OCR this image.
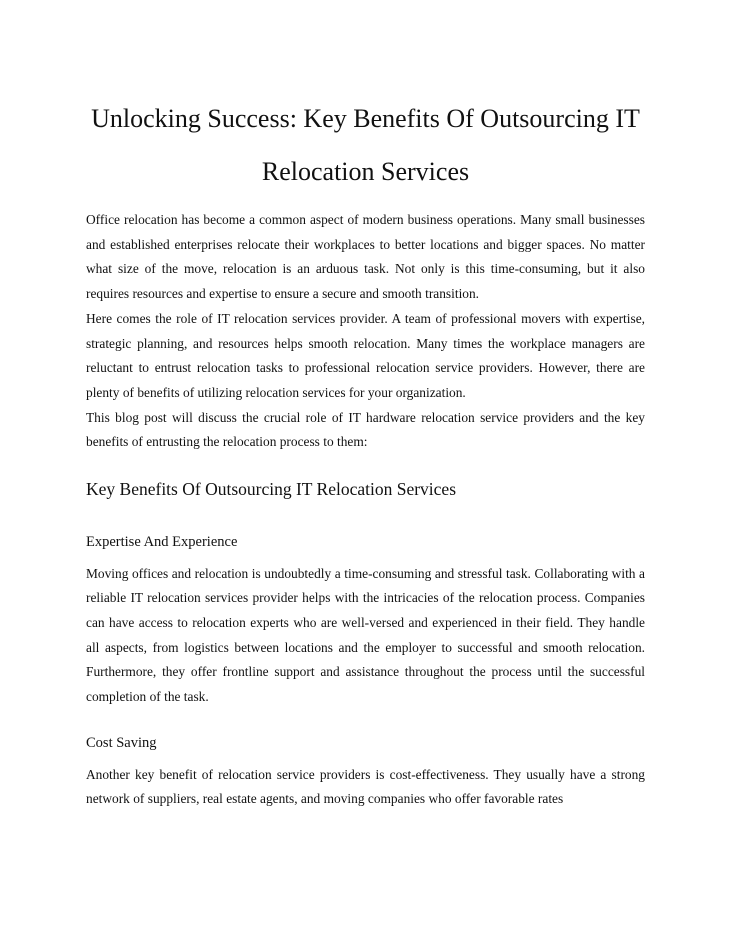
Unlocking Success: Key Benefits Of Outsourcing IT Relocation Services

Office relocation has become a common aspect of modern business operations. Many small businesses and established enterprises relocate their workplaces to better locations and bigger spaces. No matter what size of the move, relocation is an arduous task. Not only is this time-consuming, but it also requires resources and expertise to ensure a secure and smooth transition.

Here comes the role of IT relocation services provider. A team of professional movers with expertise, strategic planning, and resources helps smooth relocation. Many times the workplace managers are reluctant to entrust relocation tasks to professional relocation service providers. However, there are plenty of benefits of utilizing relocation services for your organization.

This blog post will discuss the crucial role of IT hardware relocation service providers and the key benefits of entrusting the relocation process to them:

Key Benefits Of Outsourcing IT Relocation Services
Expertise And Experience

Moving offices and relocation is undoubtedly a time-consuming and stressful task. Collaborating with a reliable IT relocation services provider helps with the intricacies of the relocation process. Companies can have access to relocation experts who are well-versed and experienced in their field. They handle all aspects, from logistics between locations and the employer to successful and smooth relocation. Furthermore, they offer frontline support and assistance throughout the process until the successful completion of the task.

Cost Saving

Another key benefit of relocation service providers is cost-effectiveness. They usually have a strong network of suppliers, real estate agents, and moving companies who offer favorable rates
